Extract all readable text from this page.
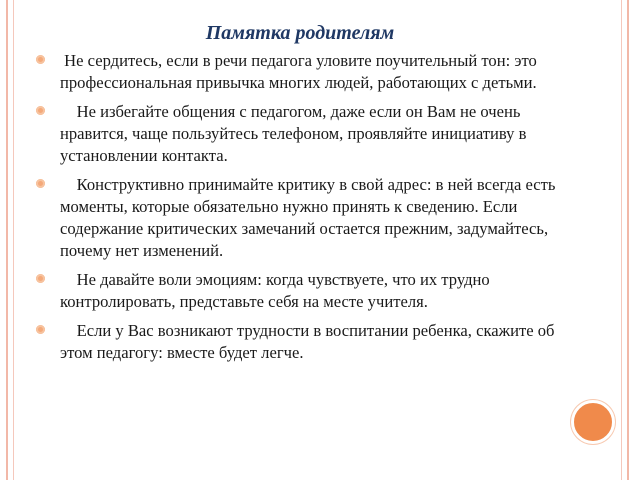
Памятка родителям
Не сердитесь, если в речи педагога уловите поучительный тон: это профессиональная привычка многих людей, работающих с детьми.
Не избегайте общения с педагогом, даже если он Вам не очень нравится, чаще пользуйтесь телефоном, проявляйте инициативу в установлении контакта.
Конструктивно принимайте критику в свой адрес: в ней всегда есть моменты, которые обязательно нужно принять к сведению. Если содержание критических замечаний остается прежним, задумайтесь, почему нет изменений.
Не давайте воли эмоциям: когда чувствуете, что их трудно контролировать, представьте себя на месте учителя.
Если у Вас возникают трудности в воспитании ребенка, скажите об этом педагогу: вместе будет легче.
